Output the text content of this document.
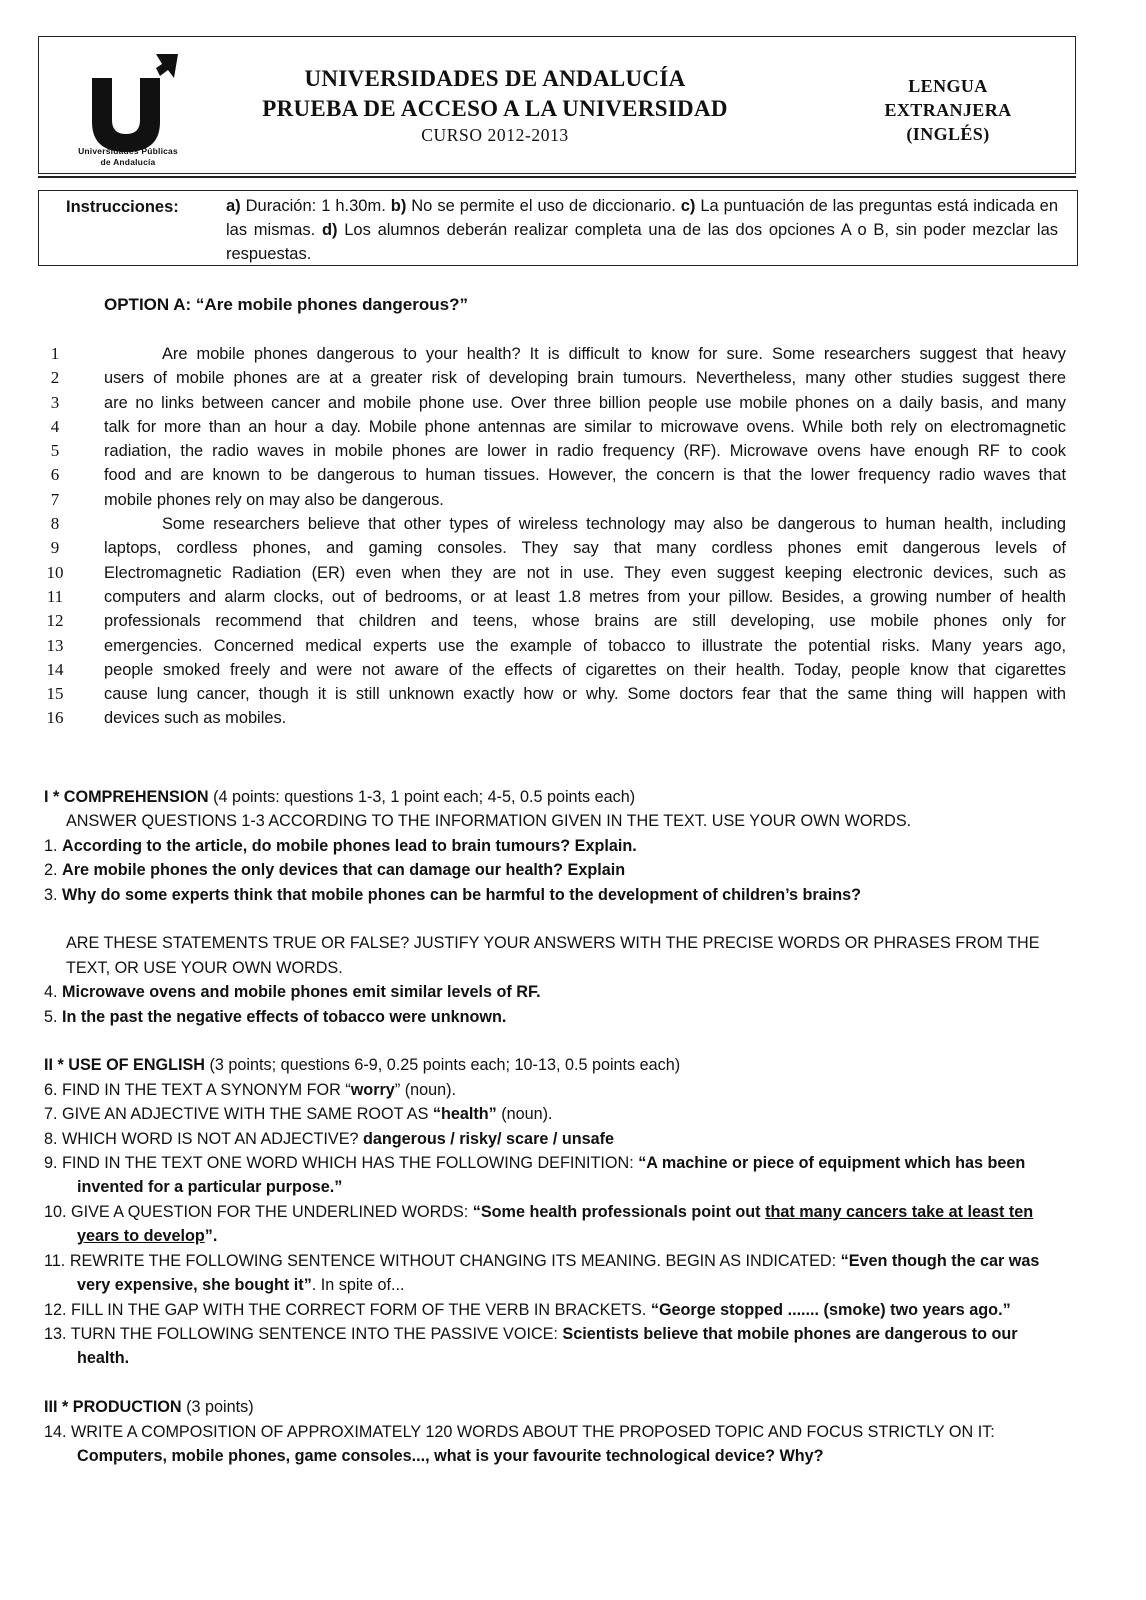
Universidades Públicas
de Andalucía
UNIVERSIDADES DE ANDALUCÍA
PRUEBA DE ACCESO A LA UNIVERSIDAD
CURSO 2012-2013
LENGUA
EXTRANJERA
(INGLÉS)
Instrucciones:	a) Duración: 1 h.30m. b) No se permite el uso de diccionario. c) La puntuación de las preguntas está indicada en las mismas. d) Los alumnos deberán realizar completa una de las dos opciones A o B, sin poder mezclar las respuestas.
OPTION A: “Are mobile phones dangerous?”
1
2
3
4
5
6
7
8
9
10
11
12
13
14
15
16
Are mobile phones dangerous to your health? It is difficult to know for sure. Some researchers suggest that heavy
users of mobile phones are at a greater risk of developing brain tumours. Nevertheless, many other studies suggest there
are no links between cancer and mobile phone use. Over three billion people use mobile phones on a daily basis, and many
talk for more than an hour a day. Mobile phone antennas are similar to microwave ovens. While both rely on electromagnetic
radiation, the radio waves in mobile phones are lower in radio frequency (RF). Microwave ovens have enough RF to cook
food and are known to be dangerous to human tissues. However, the concern is that the lower frequency radio waves that
mobile phones rely on may also be dangerous.
Some researchers believe that other types of wireless technology may also be dangerous to human health, including
laptops, cordless phones, and gaming consoles. They say that many cordless phones emit dangerous levels of
Electromagnetic Radiation (ER) even when they are not in use. They even suggest keeping electronic devices, such as
computers and alarm clocks, out of bedrooms, or at least 1.8 metres from your pillow. Besides, a growing number of health
professionals recommend that children and teens, whose brains are still developing, use mobile phones only for
emergencies. Concerned medical experts use the example of tobacco to illustrate the potential risks. Many years ago,
people smoked freely and were not aware of the effects of cigarettes on their health. Today, people know that cigarettes
cause lung cancer, though it is still unknown exactly how or why. Some doctors fear that the same thing will happen with
devices such as mobiles.
I * COMPREHENSION (4 points: questions 1-3, 1 point each; 4-5, 0.5 points each)
ANSWER QUESTIONS 1-3 ACCORDING TO THE INFORMATION GIVEN IN THE TEXT. USE YOUR OWN WORDS.
1. According to the article, do mobile phones lead to brain tumours? Explain.
2. Are mobile phones the only devices that can damage our health? Explain
3. Why do some experts think that mobile phones can be harmful to the development of children’s brains?
ARE THESE STATEMENTS TRUE OR FALSE? JUSTIFY YOUR ANSWERS WITH THE PRECISE WORDS OR PHRASES FROM THE TEXT, OR USE YOUR OWN WORDS.
4. Microwave ovens and mobile phones emit similar levels of RF.
5. In the past the negative effects of tobacco were unknown.
II * USE OF ENGLISH (3 points; questions 6-9, 0.25 points each; 10-13, 0.5 points each)
6. FIND IN THE TEXT A SYNONYM FOR “worry” (noun).
7. GIVE AN ADJECTIVE WITH THE SAME ROOT AS “health” (noun).
8. WHICH WORD IS NOT AN ADJECTIVE? dangerous / risky/ scare / unsafe
9. FIND IN THE TEXT ONE WORD WHICH HAS THE FOLLOWING DEFINITION: “A machine or piece of equipment which has been invented for a particular purpose.”
10. GIVE A QUESTION FOR THE UNDERLINED WORDS: “Some health professionals point out that many cancers take at least ten years to develop”.
11. REWRITE THE FOLLOWING SENTENCE WITHOUT CHANGING ITS MEANING. BEGIN AS INDICATED: “Even though the car was very expensive, she bought it”. In spite of...
12. FILL IN THE GAP WITH THE CORRECT FORM OF THE VERB IN BRACKETS. “George stopped ....... (smoke) two years ago.”
13. TURN THE FOLLOWING SENTENCE INTO THE PASSIVE VOICE: Scientists believe that mobile phones are dangerous to our health.
III * PRODUCTION (3 points)
14. WRITE A COMPOSITION OF APPROXIMATELY 120 WORDS ABOUT THE PROPOSED TOPIC AND FOCUS STRICTLY ON IT:
Computers, mobile phones, game consoles..., what is your favourite technological device? Why?
